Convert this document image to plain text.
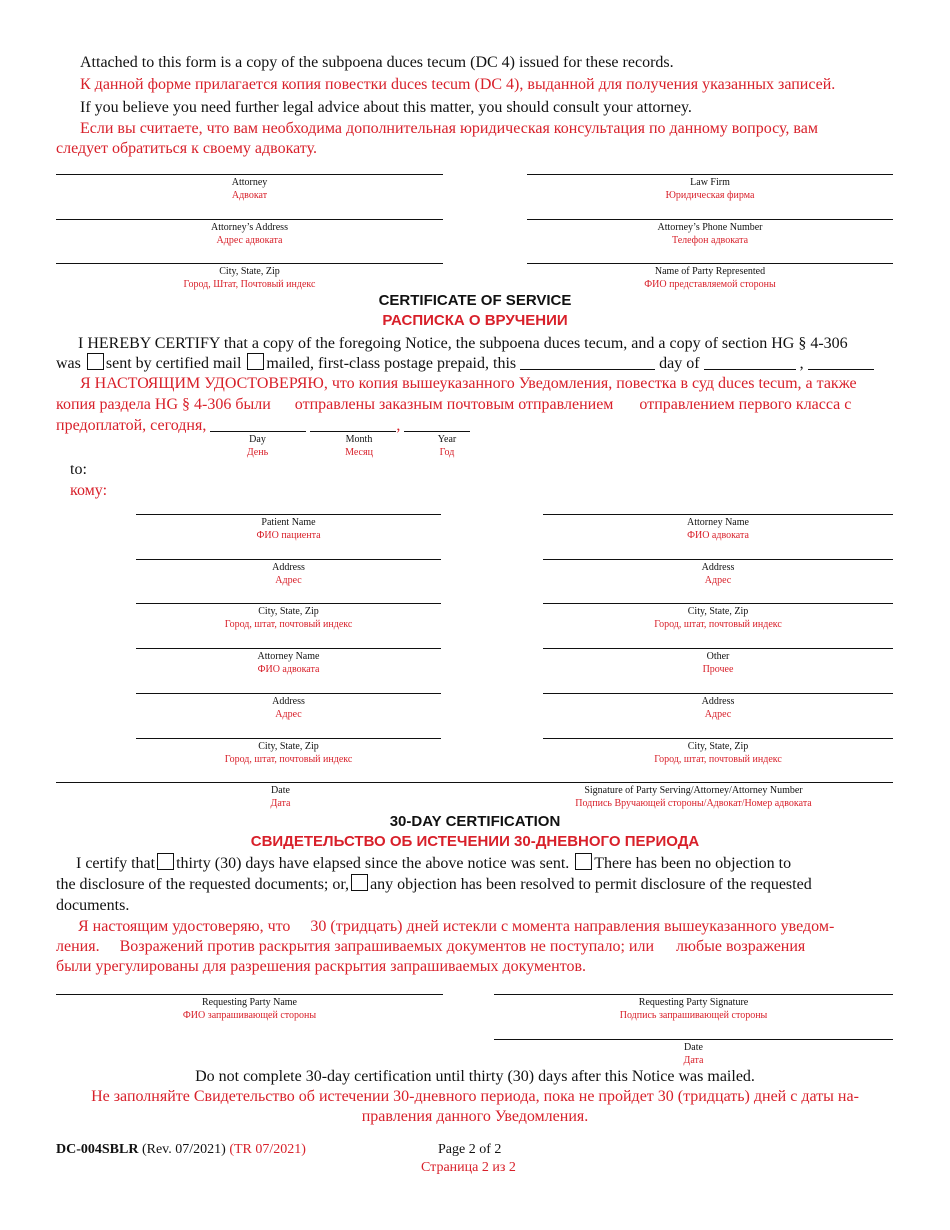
Attached to this form is a copy of the subpoena duces tecum (DC 4) issued for these records.
К данной форме прилагается копия повестки duces tecum (DC 4), выданной для получения указанных записей.
If you believe you need further legal advice about this matter, you should consult your attorney.
Если вы считаете, что вам необходима дополнительная юридическая консультация по данному вопросу, вам
следует обратиться к своему адвокату.
Attorney
Адвокат
Law Firm
Юридическая фирма
Attorney’s Address
Адрес адвоката
Attorney’s Phone Number
Телефон адвоката
City, State, Zip
Город, Штат, Почтовый индекс
Name of Party Represented
ФИО представляемой стороны
CERTIFICATE OF SERVICE
РАСПИСКА О ВРУЧЕНИИ
I HEREBY CERTIFY that a copy of the foregoing Notice, the subpoena duces tecum, and a copy of section HG § 4-306
was sent by certified mail mailed, first-class postage prepaid, this	day of	,
Я НАСТОЯЩИМ УДОСТОВЕРЯЮ, что копия вышеуказанного Уведомления, повестка в суд duces tecum, а также
копия раздела HG § 4-306 были отправлены заказным почтовым отправлением отправлением первого класса с
предоплатой, сегодня,	,
Day
День
Month
Месяц
Year
Год
to:
кому:
Patient Name
ФИО пациента
Address
Адрес
City, State, Zip
Город, штат, почтовый индекс
Attorney Name
ФИО адвоката
Address
Адрес
City, State, Zip
Город, штат, почтовый индекс
Date
Дата
Attorney Name
ФИО адвоката
Address
Адрес
City, State, Zip
Город, штат, почтовый индекс
Other
Прочее
Address
Адрес
City, State, Zip
Город, штат, почтовый индекс
Signature of Party Serving/Attorney/Attorney Number
Подпись Вручающей стороны/Адвокат/Номер адвоката
30-DAY CERTIFICATION
СВИДЕТЕЛЬСТВО ОБ ИСТЕЧЕНИИ 30-ДНЕВНОГО ПЕРИОДА
I certify that thirty (30) days have elapsed since the above notice was sent. There has been no objection to
the disclosure of the requested documents; or, any objection has been resolved to permit disclosure of the requested
documents.
Я настоящим удостоверяю, что 30 (тридцать) дней истекли с момента направления вышеуказанного уведом-
ления. Возражений против раскрытия запрашиваемых документов не поступало; или любые возражения
были урегулированы для разрешения раскрытия запрашиваемых документов.
Requesting Party Name
ФИО запрашивающей стороны
Requesting Party Signature
Подпись запрашивающей стороны
Date
Дата
Do not complete 30-day certification until thirty (30) days after this Notice was mailed.
Не заполняйте Свидетельство об истечении 30-дневного периода, пока не пройдет 30 (тридцать) дней с даты на-
правления данного Уведомления.
DC-004SBLR (Rev. 07/2021) (TR 07/2021)	Page 2 of 2
Страница 2 из 2
